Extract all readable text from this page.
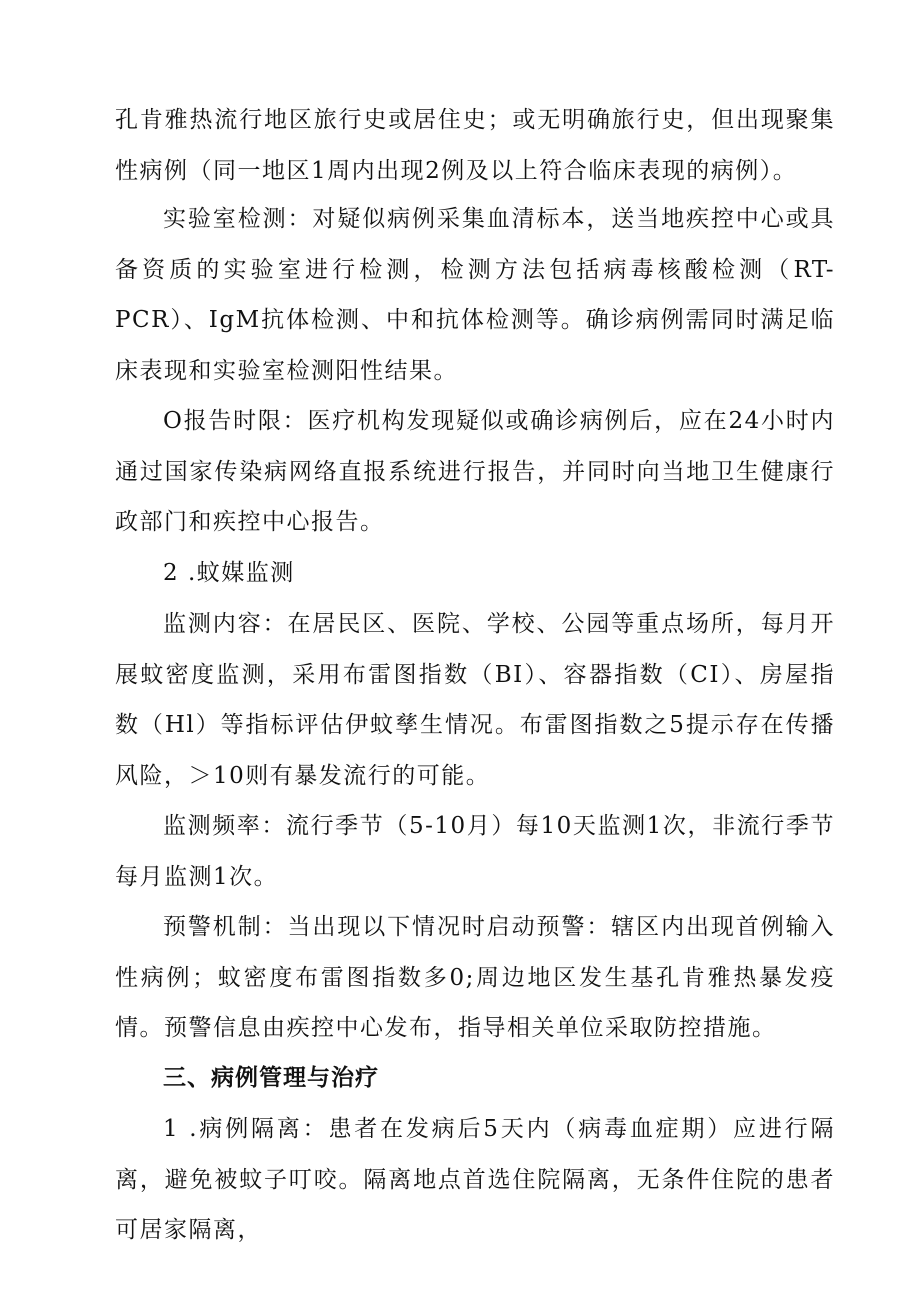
孔肯雅热流行地区旅行史或居住史；或无明确旅行史，但出现聚集性病例（同一地区1周内出现2例及以上符合临床表现的病例）。

实验室检测：对疑似病例采集血清标本，送当地疾控中心或具备资质的实验室进行检测，检测方法包括病毒核酸检测（RT-PCR）、IgM抗体检测、中和抗体检测等。确诊病例需同时满足临床表现和实验室检测阳性结果。

O报告时限：医疗机构发现疑似或确诊病例后，应在24小时内通过国家传染病网络直报系统进行报告，并同时向当地卫生健康行政部门和疾控中心报告。

2 .蚊媒监测

监测内容：在居民区、医院、学校、公园等重点场所，每月开展蚊密度监测，采用布雷图指数（BI）、容器指数（CI）、房屋指数（Hl）等指标评估伊蚊孳生情况。布雷图指数之5提示存在传播风险，＞10则有暴发流行的可能。

监测频率：流行季节（5-10月）每10天监测1次，非流行季节每月监测1次。

预警机制：当出现以下情况时启动预警：辖区内出现首例输入性病例；蚊密度布雷图指数多0;周边地区发生基孔肯雅热暴发疫情。预警信息由疾控中心发布，指导相关单位采取防控措施。

三、病例管理与治疗

1 .病例隔离：患者在发病后5天内（病毒血症期）应进行隔离，避免被蚊子叮咬。隔离地点首选住院隔离，无条件住院的患者可居家隔离，
